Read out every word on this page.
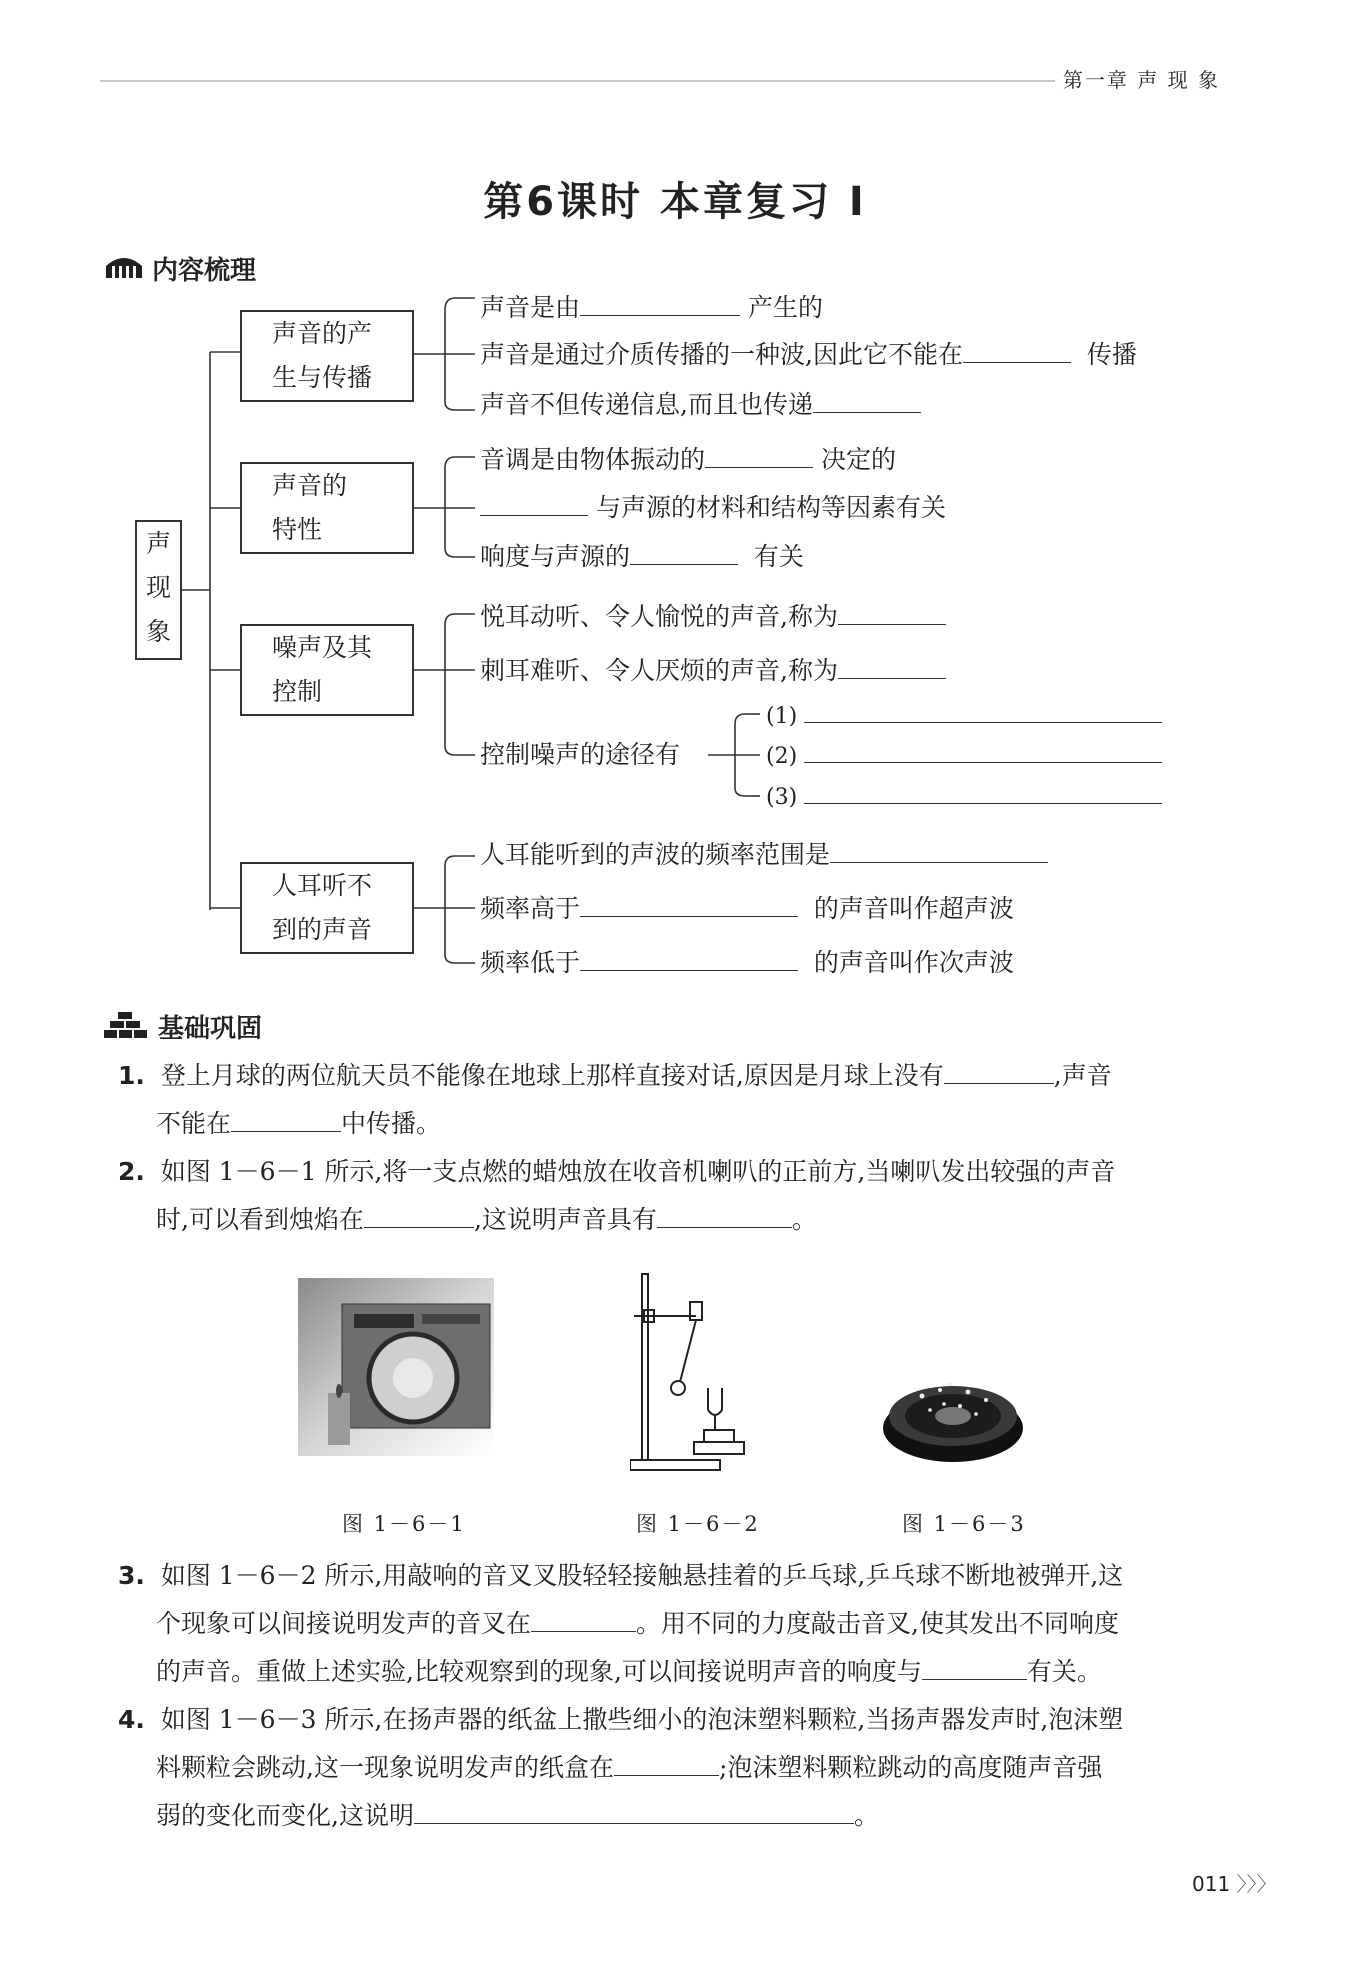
第一章 声 现 象
第6课时 本章复习 I
内容梳理
声
现
象
声音的产
生与传播
声音的
特性
噪声及其
控制
人耳听不
到的声音
声音是由	产生的
声音是通过介质传播的一种波,因此它不能在	传播
声音不但传递信息,而且也传递
音调是由物体振动的	决定的
与声源的材料和结构等因素有关
响度与声源的	有关
悦耳动听、令人愉悦的声音,称为
刺耳难听、令人厌烦的声音,称为
控制噪声的途径有
(1)
(2)
(3)
人耳能听到的声波的频率范围是
频率高于	的声音叫作超声波
频率低于	的声音叫作次声波
基础巩固
1. 登上月球的两位航天员不能像在地球上那样直接对话,原因是月球上没有	,声音
不能在	中传播。
2. 如图 1－6－1 所示,将一支点燃的蜡烛放在收音机喇叭的正前方,当喇叭发出较强的声音
时,可以看到烛焰在	,这说明声音具有	。
图 1－6－1	图 1－6－2	图 1－6－3
3. 如图 1－6－2 所示,用敲响的音叉叉股轻轻接触悬挂着的乒乓球,乒乓球不断地被弹开,这
个现象可以间接说明发声的音叉在	。用不同的力度敲击音叉,使其发出不同响度
的声音。重做上述实验,比较观察到的现象,可以间接说明声音的响度与	有关。
4. 如图 1－6－3 所示,在扬声器的纸盆上撒些细小的泡沫塑料颗粒,当扬声器发声时,泡沫塑
料颗粒会跳动,这一现象说明发声的纸盒在	;泡沫塑料颗粒跳动的高度随声音强
弱的变化而变化,这说明	。
011 〉〉〉
